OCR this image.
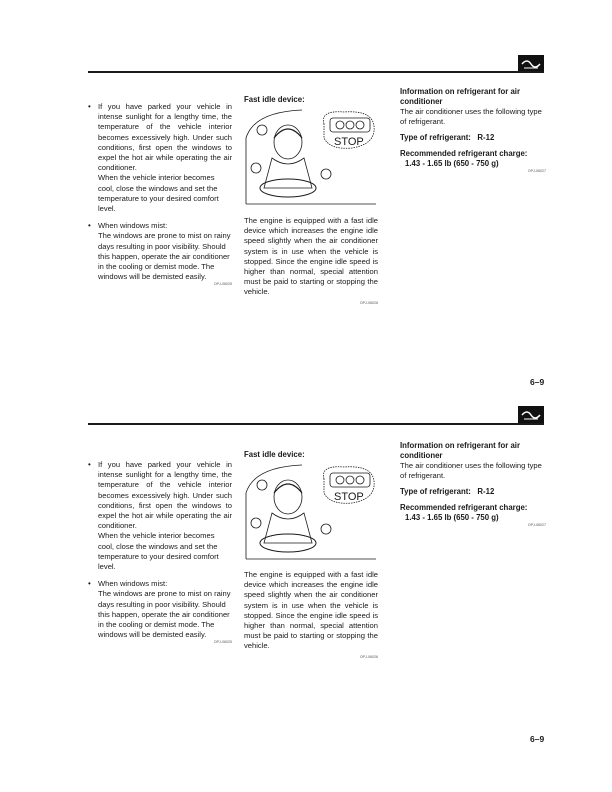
• If you have parked your vehicle in intense sunlight for a lengthy time, the temperature of the vehicle interior becomes excessively high. Under such conditions, first open the windows to expel the hot air while operating the air conditioner.
When the vehicle interior becomes cool, close the windows and set the temperature to your desired comfort level.
• When windows mist:
The windows are prone to mist on rainy days resulting in poor visibility. Should this happen, operate the air conditioner in the cooling or demist mode. The windows will be demisted easily.
OPJ-06025
Fast idle device:
STOP
The engine is equipped with a fast idle device which increases the engine idle speed slightly when the air conditioner system is in use when the vehicle is stopped. Since the engine idle speed is higher than normal, special attention must be paid to starting or stopping the vehicle.
OPJ-06026
Information on refrigerant for air conditioner
The air conditioner uses the following type of refrigerant.
Type of refrigerant: R-12
Recommended refrigerant charge:
1.43 - 1.65 lb (650 - 750 g)
OPJ-06027
6–9
• If you have parked your vehicle in intense sunlight for a lengthy time, the temperature of the vehicle interior becomes excessively high. Under such conditions, first open the windows to expel the hot air while operating the air conditioner.
When the vehicle interior becomes cool, close the windows and set the temperature to your desired comfort level.
• When windows mist:
The windows are prone to mist on rainy days resulting in poor visibility. Should this happen, operate the air conditioner in the cooling or demist mode. The windows will be demisted easily.
OPJ-06025
Fast idle device:
STOP
The engine is equipped with a fast idle device which increases the engine idle speed slightly when the air conditioner system is in use when the vehicle is stopped. Since the engine idle speed is higher than normal, special attention must be paid to starting or stopping the vehicle.
OPJ-06026
Information on refrigerant for air conditioner
The air conditioner uses the following type of refrigerant.
Type of refrigerant: R-12
Recommended refrigerant charge:
1.43 - 1.65 lb (650 - 750 g)
OPJ-06027
6–9
